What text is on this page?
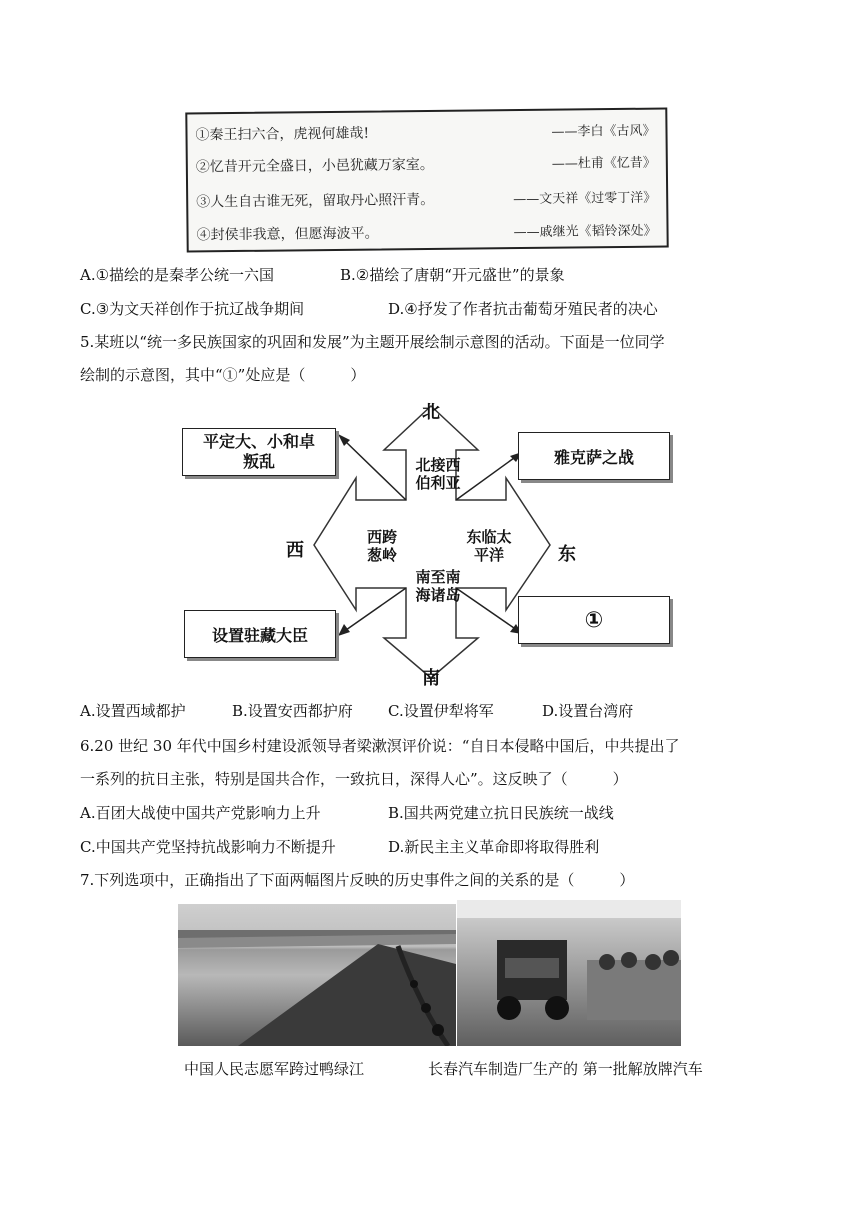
①秦王扫六合，虎视何雄哉!	——李白《古风》
②忆昔开元全盛日，小邑犹藏万家室。	——杜甫《忆昔》
③人生自古谁无死，留取丹心照汗青。	——文天祥《过零丁洋》
④封侯非我意，但愿海波平。	——戚继光《韬铃深处》
A.①描绘的是秦孝公统一六国	B.②描绘了唐朝“开元盛世”的景象
C.③为文天祥创作于抗辽战争期间	D.④抒发了作者抗击葡萄牙殖民者的决心
5.某班以“统一多民族国家的巩固和发展”为主题开展绘制示意图的活动。下面是一位同学
绘制的示意图，其中“①”处应是（　　　）
北
南
西	东
平定大、小和卓叛乱	雅克萨之战
设置驻藏大臣
①
北接西伯利亚
西跨葱岭
东临太平洋
南至南海诸岛
A.设置西域都护	B.设置安西都护府 C.设置伊犁将军	D.设置台湾府
6.20 世纪 30 年代中国乡村建设派领导者梁漱溟评价说：“自日本侵略中国后，中共提出了
一系列的抗日主张，特别是国共合作，一致抗日，深得人心”。这反映了（　　　）
A.百团大战使中国共产党影响力上升	B.国共两党建立抗日民族统一战线
C.中国共产党坚持抗战影响力不断提升	D.新民主主义革命即将取得胜利
7.下列选项中，正确指出了下面两幅图片反映的历史事件之间的关系的是（　　　）
中国人民志愿军跨过鸭绿江	长春汽车制造厂生产的 第一批解放牌汽车
